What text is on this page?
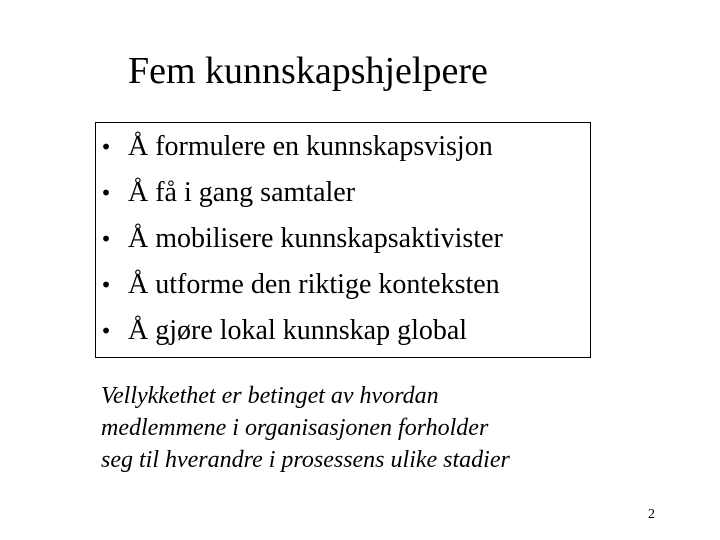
Fem kunnskapshjelpere
• Å formulere en kunnskapsvisjon
• Å få i gang samtaler
• Å mobilisere kunnskapsaktivister
• Å utforme den riktige konteksten
• Å gjøre lokal kunnskap global

Vellykkethet er betinget av hvordan
medlemmene i organisasjonen forholder
seg til hverandre i prosessens ulike stadier

2
